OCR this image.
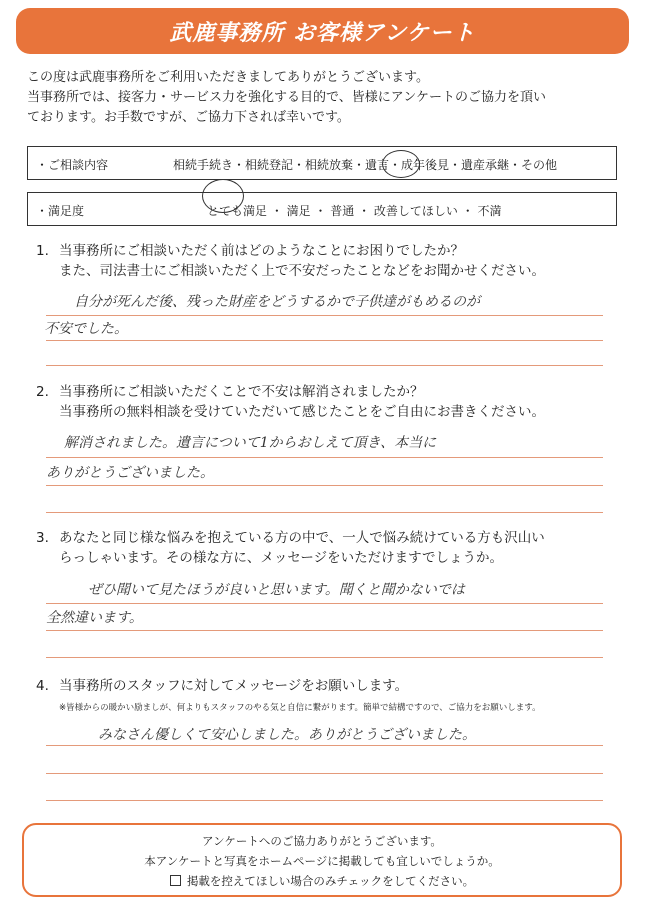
武鹿事務所 お客様アンケート
この度は武鹿事務所をご利用いただきましてありがとうございます。
当事務所では、接客力・サービス力を強化する目的で、皆様にアンケートのご協力を頂い
ております。お手数ですが、ご協力下されば幸いです。
・ご相談内容	相続手続き・相続登記・相続放棄・遺言・成年後見・遺産承継・その他
・満足度	とても満足 ・ 満足 ・ 普通 ・ 改善してほしい ・ 不満
1. 当事務所にご相談いただく前はどのようなことにお困りでしたか？
また、司法書士にご相談いただく上で不安だったことなどをお聞かせください。
自分が死んだ後、残った財産をどうするかで子供達がもめるのが
不安でした。
2. 当事務所にご相談いただくことで不安は解消されましたか？
当事務所の無料相談を受けていただいて感じたことをご自由にお書きください。
解消されました。遺言について1からおしえて頂き、本当に
ありがとうございました。
3. あなたと同じ様な悩みを抱えている方の中で、一人で悩み続けている方も沢山い
らっしゃいます。その様な方に、メッセージをいただけますでしょうか。
ぜひ聞いて見たほうが良いと思います。聞くと聞かないでは
全然違います。
4. 当事務所のスタッフに対してメッセージをお願いします。
※皆様からの暖かい励ましが、何よりもスタッフのやる気と自信に繋がります。簡単で結構ですので、ご協力をお願いします。
みなさん優しくて安心しました。ありがとうございました。
アンケートへのご協力ありがとうございます。
本アンケートと写真をホームページに掲載しても宜しいでしょうか。
掲載を控えてほしい場合のみチェックをしてください。
